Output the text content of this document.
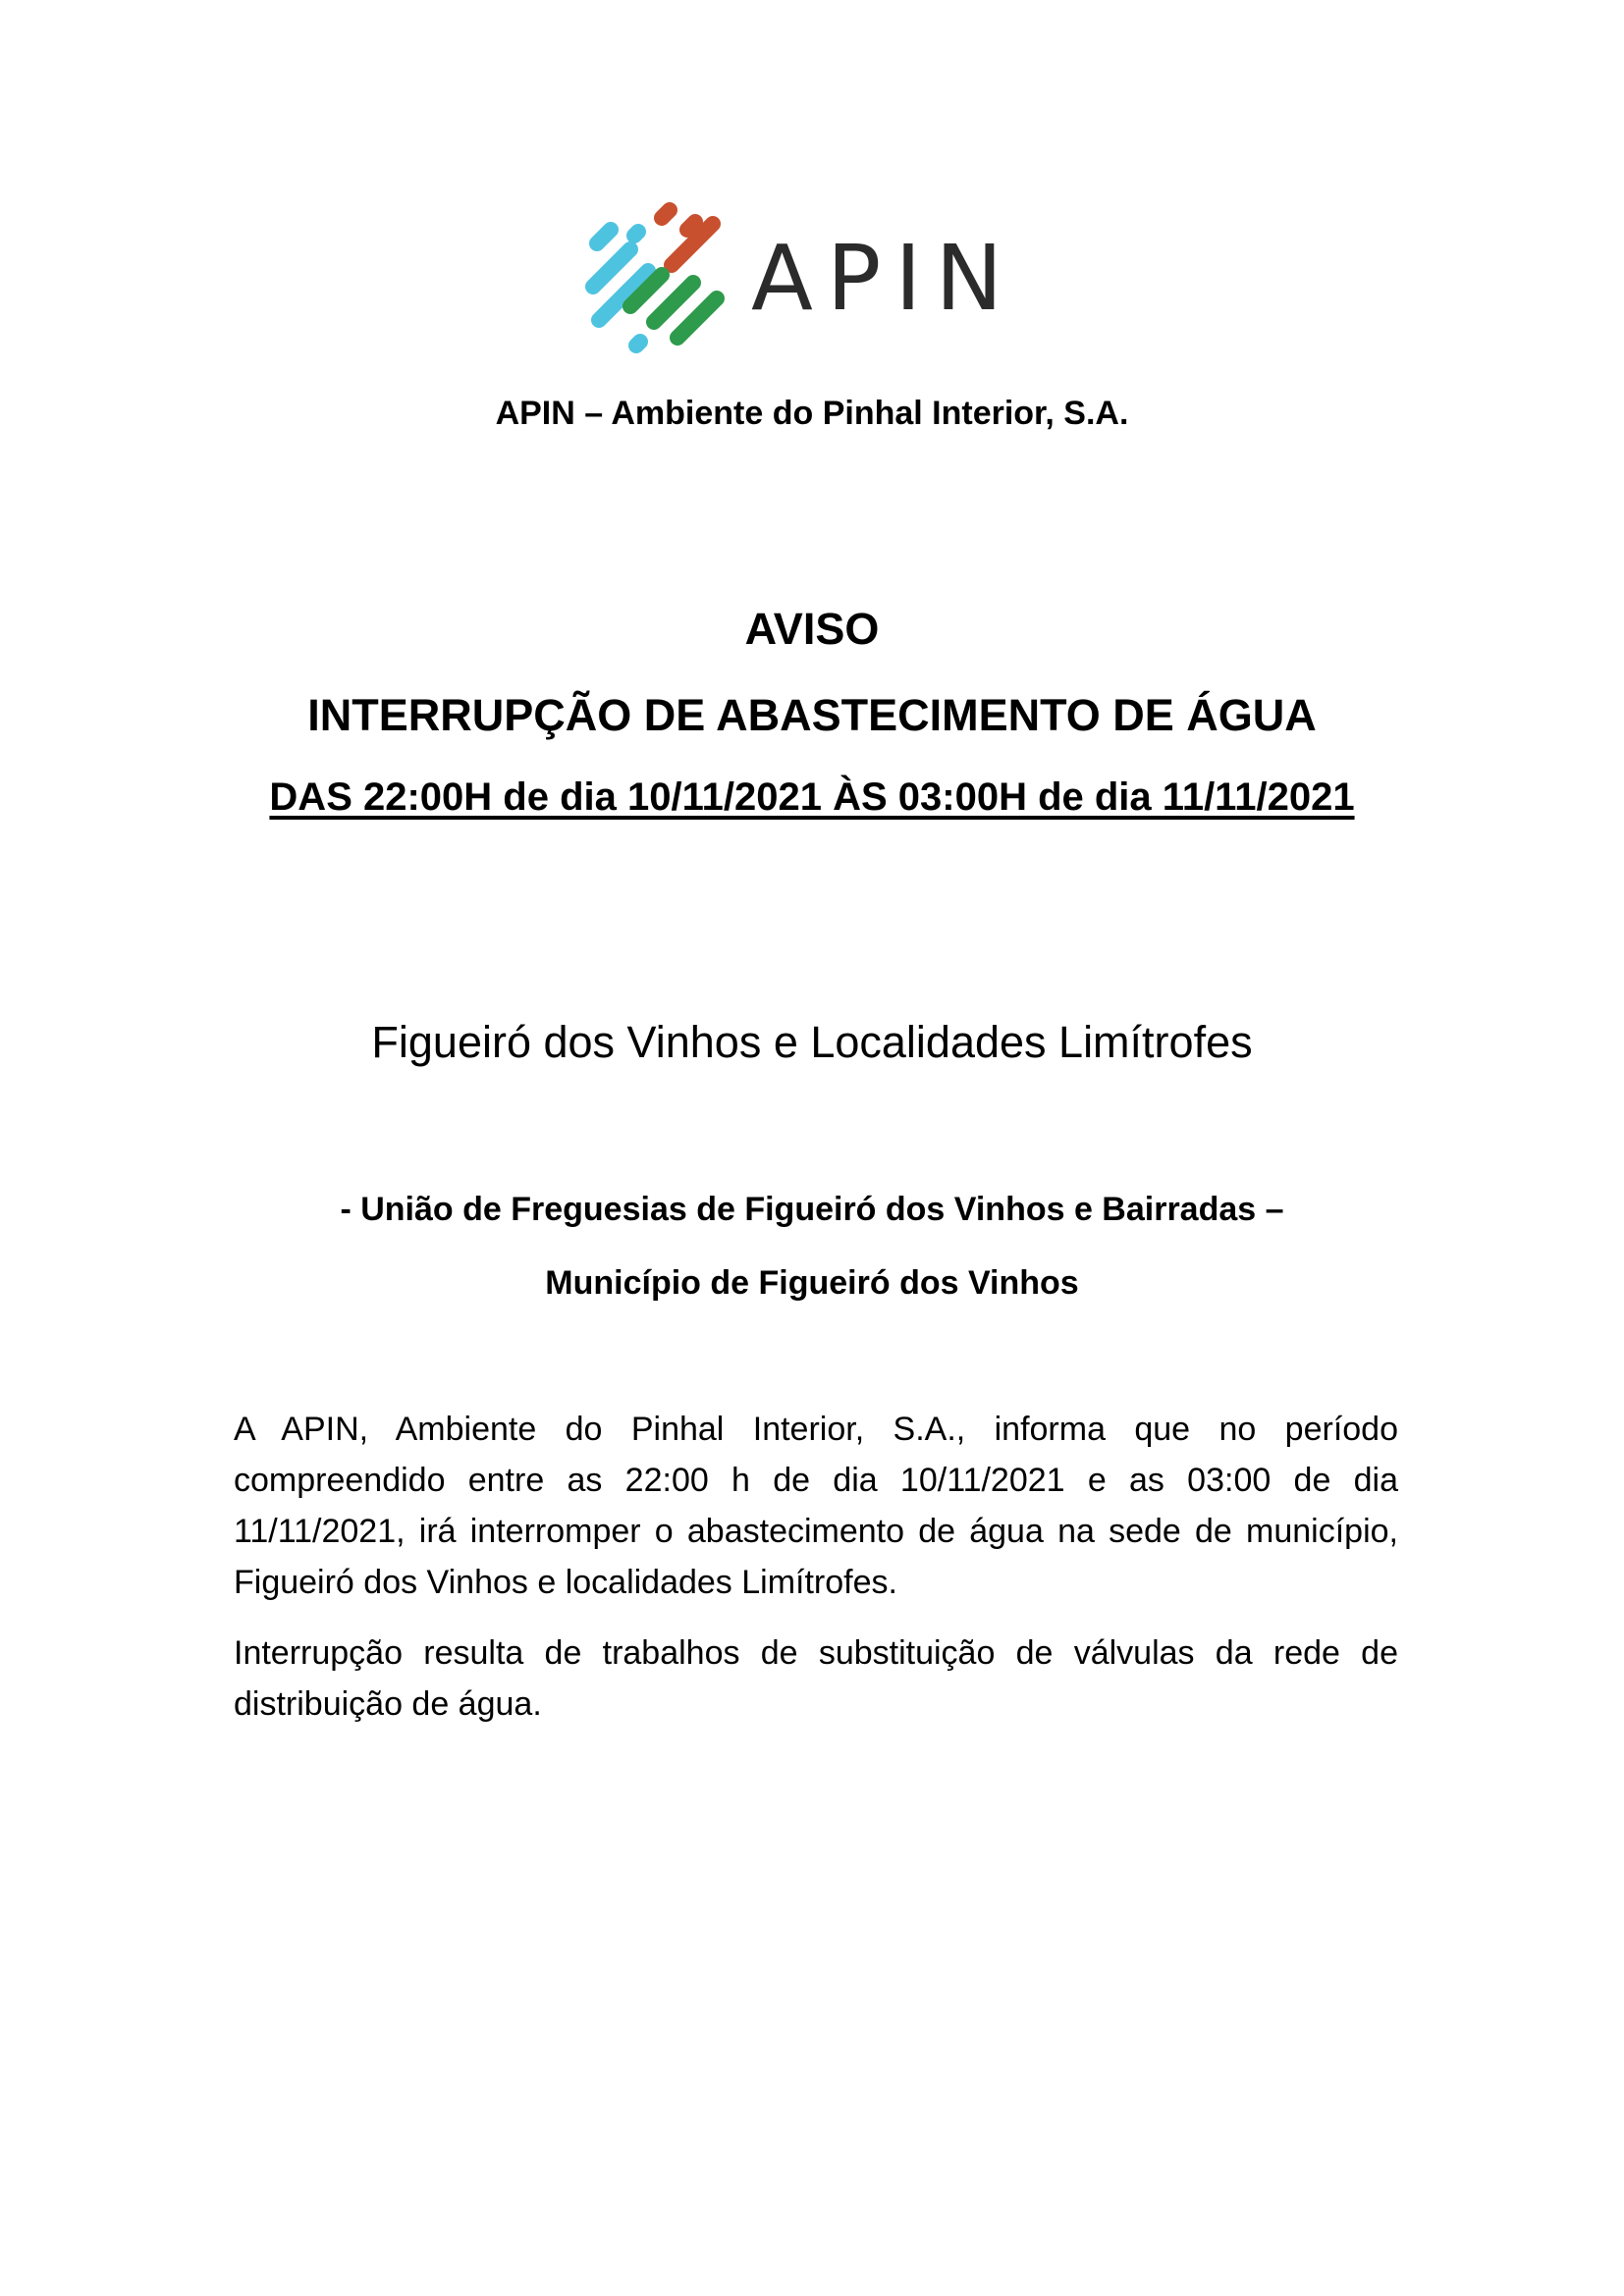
APIN
APIN – Ambiente do Pinhal Interior, S.A.
AVISO
INTERRUPÇÃO DE ABASTECIMENTO DE ÁGUA
DAS 22:00H de dia 10/11/2021 ÀS 03:00H de dia 11/11/2021
Figueiró dos Vinhos e Localidades Limítrofes
- União de Freguesias de Figueiró dos Vinhos e Bairradas –
Município de Figueiró dos Vinhos
A APIN, Ambiente do Pinhal Interior, S.A., informa que no período compreendido entre as 22:00 h de dia 10/11/2021 e as 03:00 de dia 11/11/2021, irá interromper o abastecimento de água na sede de município, Figueiró dos Vinhos e localidades Limítrofes.
Interrupção resulta de trabalhos de substituição de válvulas da rede de distribuição de água.
